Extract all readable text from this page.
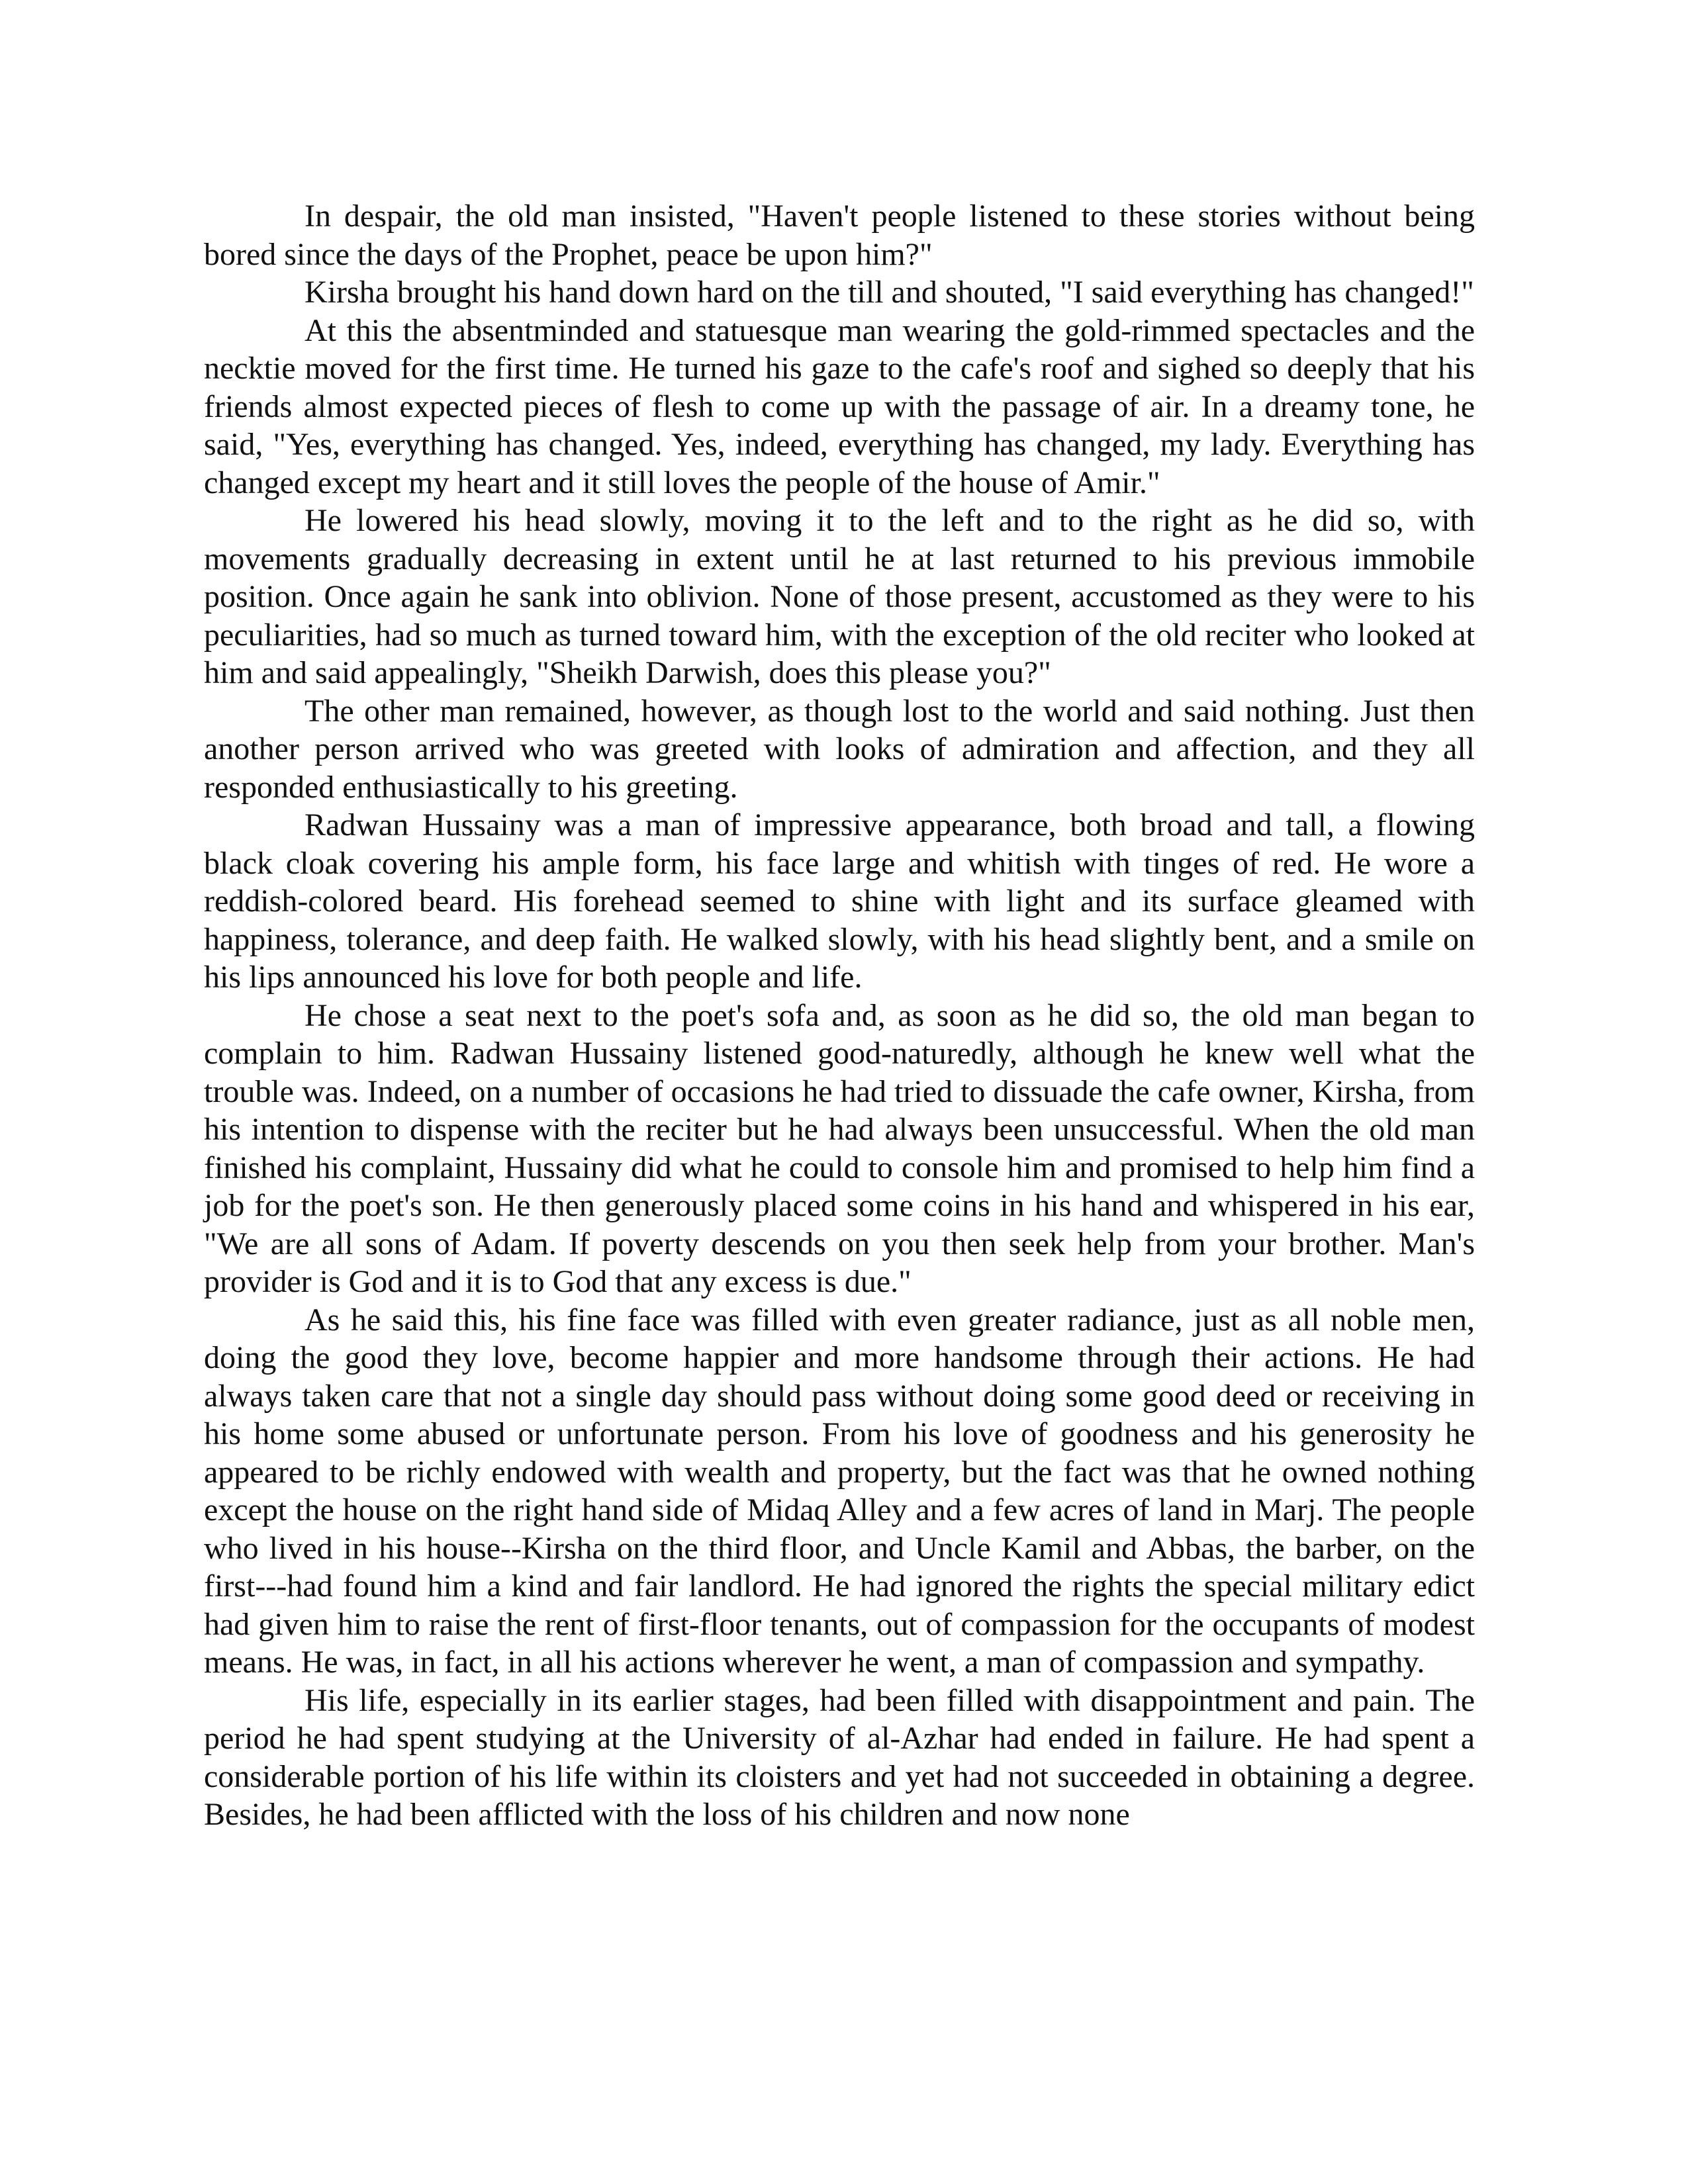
In despair, the old man insisted, "Haven't people listened to these stories without being bored since the days of the Prophet, peace be upon him?"

Kirsha brought his hand down hard on the till and shouted, "I said everything has changed!"

At this the absentminded and statuesque man wearing the gold-rimmed spectacles and the necktie moved for the first time. He turned his gaze to the cafe's roof and sighed so deeply that his friends almost expected pieces of flesh to come up with the passage of air. In a dreamy tone, he said, "Yes, everything has changed. Yes, indeed, everything has changed, my lady. Everything has changed except my heart and it still loves the people of the house of Amir."

He lowered his head slowly, moving it to the left and to the right as he did so, with movements gradually decreasing in extent until he at last returned to his previous immobile position. Once again he sank into oblivion. None of those present, accustomed as they were to his peculiarities, had so much as turned toward him, with the exception of the old reciter who looked at him and said appealingly, "Sheikh Darwish, does this please you?"

The other man remained, however, as though lost to the world and said nothing. Just then another person arrived who was greeted with looks of admiration and affection, and they all responded enthusiastically to his greeting.

Radwan Hussainy was a man of impressive appearance, both broad and tall, a flowing black cloak covering his ample form, his face large and whitish with tinges of red. He wore a reddish-colored beard. His forehead seemed to shine with light and its surface gleamed with happiness, tolerance, and deep faith. He walked slowly, with his head slightly bent, and a smile on his lips announced his love for both people and life.

He chose a seat next to the poet's sofa and, as soon as he did so, the old man began to complain to him. Radwan Hussainy listened good-naturedly, although he knew well what the trouble was. Indeed, on a number of occasions he had tried to dissuade the cafe owner, Kirsha, from his intention to dispense with the reciter but he had always been unsuccessful. When the old man finished his complaint, Hussainy did what he could to console him and promised to help him find a job for the poet's son. He then generously placed some coins in his hand and whispered in his ear, "We are all sons of Adam. If poverty descends on you then seek help from your brother. Man's provider is God and it is to God that any excess is due."

As he said this, his fine face was filled with even greater radiance, just as all noble men, doing the good they love, become happier and more handsome through their actions. He had always taken care that not a single day should pass without doing some good deed or receiving in his home some abused or unfortunate person. From his love of goodness and his generosity he appeared to be richly endowed with wealth and property, but the fact was that he owned nothing except the house on the right hand side of Midaq Alley and a few acres of land in Marj. The people who lived in his house--Kirsha on the third floor, and Uncle Kamil and Abbas, the barber, on the first---had found him a kind and fair landlord. He had ignored the rights the special military edict had given him to raise the rent of first-floor tenants, out of compassion for the occupants of modest means. He was, in fact, in all his actions wherever he went, a man of compassion and sympathy.

His life, especially in its earlier stages, had been filled with disappointment and pain. The period he had spent studying at the University of al-Azhar had ended in failure. He had spent a considerable portion of his life within its cloisters and yet had not succeeded in obtaining a degree. Besides, he had been afflicted with the loss of his children and now none
